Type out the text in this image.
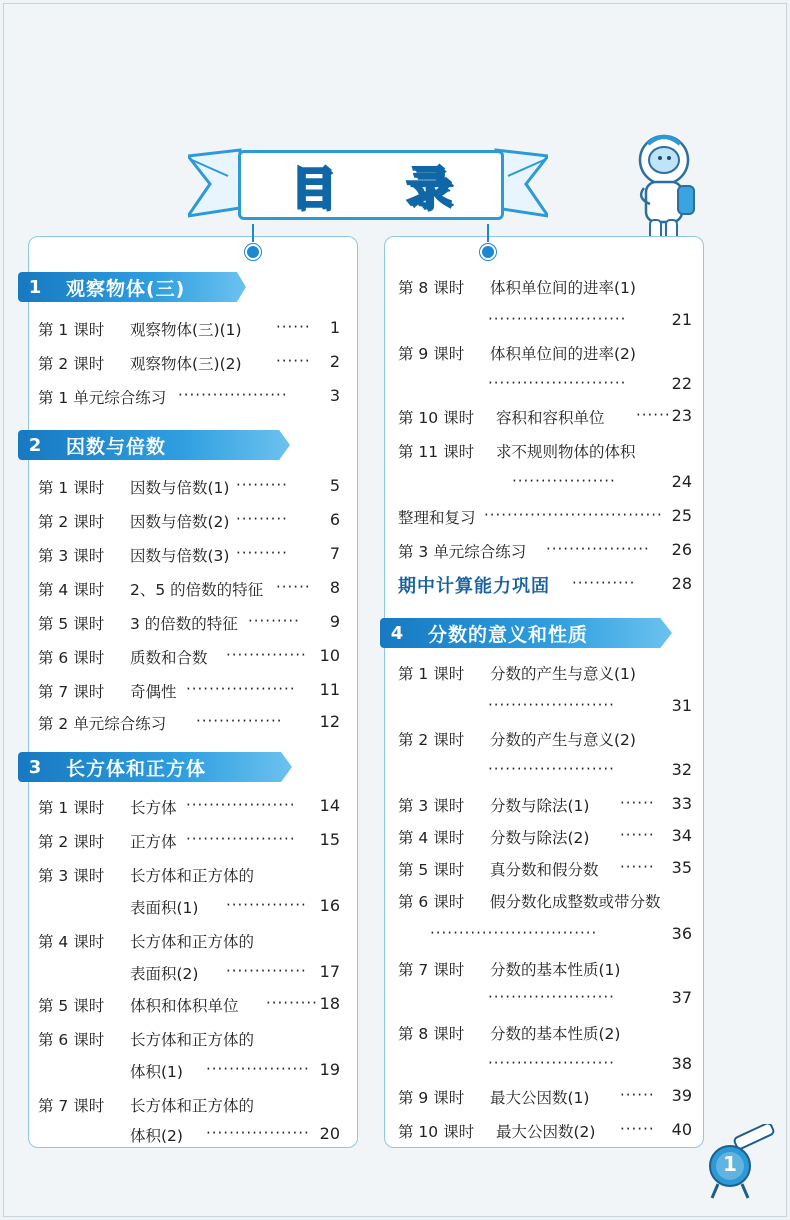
目 录
1	观察物体(三)
第 1 课时	观察物体(三)(1) ······	1
第 2 课时	观察物体(三)(2) ······	2
第 1 单元综合练习 ···················	3
2	因数与倍数
第 1 课时	因数与倍数(1) ·········	5
第 2 课时	因数与倍数(2) ·········	6
第 3 课时	因数与倍数(3) ·········	7
第 4 课时	2、5 的倍数的特征 ······	8
第 5 课时	3 的倍数的特征 ·········	9
第 6 课时	质数和合数 ·············· 10
第 7 课时	奇偶性 ···················	11
第 2 单元综合练习 ···············	12
3	长方体和正方体
第 1 课时	长方体 ···················	14
第 2 课时	正方体 ···················	15
第 3 课时	长方体和正方体的
表面积(1) ·············· 16
第 4 课时	长方体和正方体的
表面积(2) ·············· 17
第 5 课时	体积和体积单位 ········· 18
第 6 课时	长方体和正方体的
体积(1) ·················· 19
第 7 课时	长方体和正方体的
体积(2) ·················· 20
第 8 课时	体积单位间的进率(1)
························	21
第 9 课时	体积单位间的进率(2)
························	22
第 10 课时	容积和容积单位 ······ 23
第 11 课时	求不规则物体的体积
··················	24
整理和复习 ······························· 25
第 3 单元综合练习 ··················	26
期中计算能力巩固 ···········	28
4	分数的意义和性质
第 1 课时	分数的产生与意义(1)
······················	31
第 2 课时	分数的产生与意义(2)
······················	32
第 3 课时	分数与除法(1) ······	33
第 4 课时	分数与除法(2) ······	34
第 5 课时	真分数和假分数 ······	35
第 6 课时	假分数化成整数或带分数
·····························	36
第 7 课时	分数的基本性质(1)
······················	37
第 8 课时	分数的基本性质(2)
······················	38
第 9 课时	最大公因数(1) ······	39
第 10 课时	最大公因数(2) ······	40
1
